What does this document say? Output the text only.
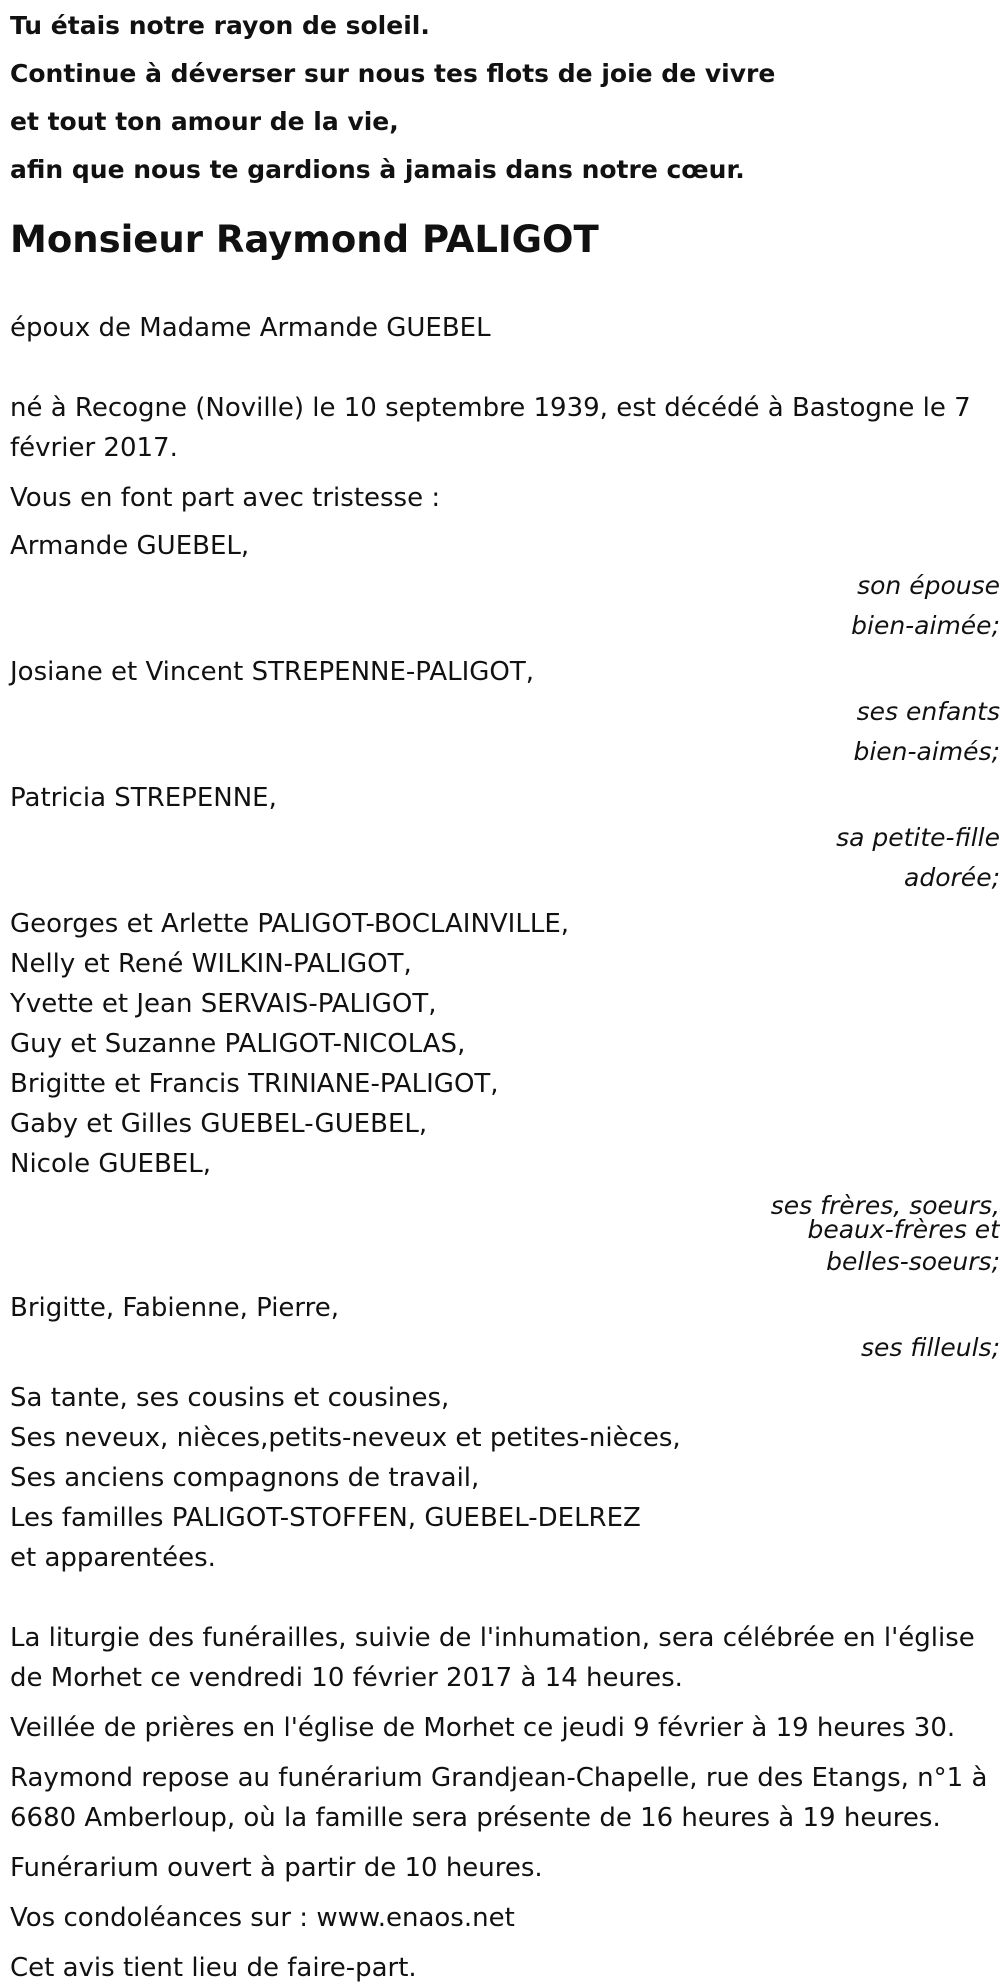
Tu étais notre rayon de soleil.

Continue à déverser sur nous tes flots de joie de vivre

et tout ton amour de la vie,

afin que nous te gardions à jamais dans notre cœur.

Monsieur Raymond PALIGOT

époux de Madame Armande GUEBEL

né à Recogne (Noville) le 10 septembre 1939, est décédé à Bastogne le 7 février 2017.

Vous en font part avec tristesse :

Armande GUEBEL,

son épouse

bien-aimée;

Josiane et Vincent STREPENNE-PALIGOT,

ses enfants

bien-aimés;

Patricia STREPENNE,

sa petite-fille

adorée;

Georges et Arlette PALIGOT-BOCLAINVILLE,

Nelly et René WILKIN-PALIGOT,

Yvette et Jean SERVAIS-PALIGOT,

Guy et Suzanne PALIGOT-NICOLAS,

Brigitte et Francis TRINIANE-PALIGOT,

Gaby et Gilles GUEBEL-GUEBEL,

Nicole GUEBEL,

ses frères, soeurs,

beaux-frères et

belles-soeurs;

Brigitte, Fabienne, Pierre,

ses filleuls;

Sa tante, ses cousins et cousines,

Ses neveux, nièces,petits-neveux et petites-nièces,

Ses anciens compagnons de travail,

Les familles PALIGOT-STOFFEN, GUEBEL-DELREZ

et apparentées.

La liturgie des funérailles, suivie de l'inhumation, sera célébrée en l'église de Morhet ce vendredi 10 février 2017 à 14 heures.

Veillée de prières en l'église de Morhet ce jeudi 9 février à 19 heures 30.

Raymond repose au funérarium Grandjean-Chapelle, rue des Etangs, n°1 à 6680 Amberloup, où la famille sera présente de 16 heures à 19 heures.

Funérarium ouvert à partir de 10 heures.

Vos condoléances sur : www.enaos.net

Cet avis tient lieu de faire-part.
